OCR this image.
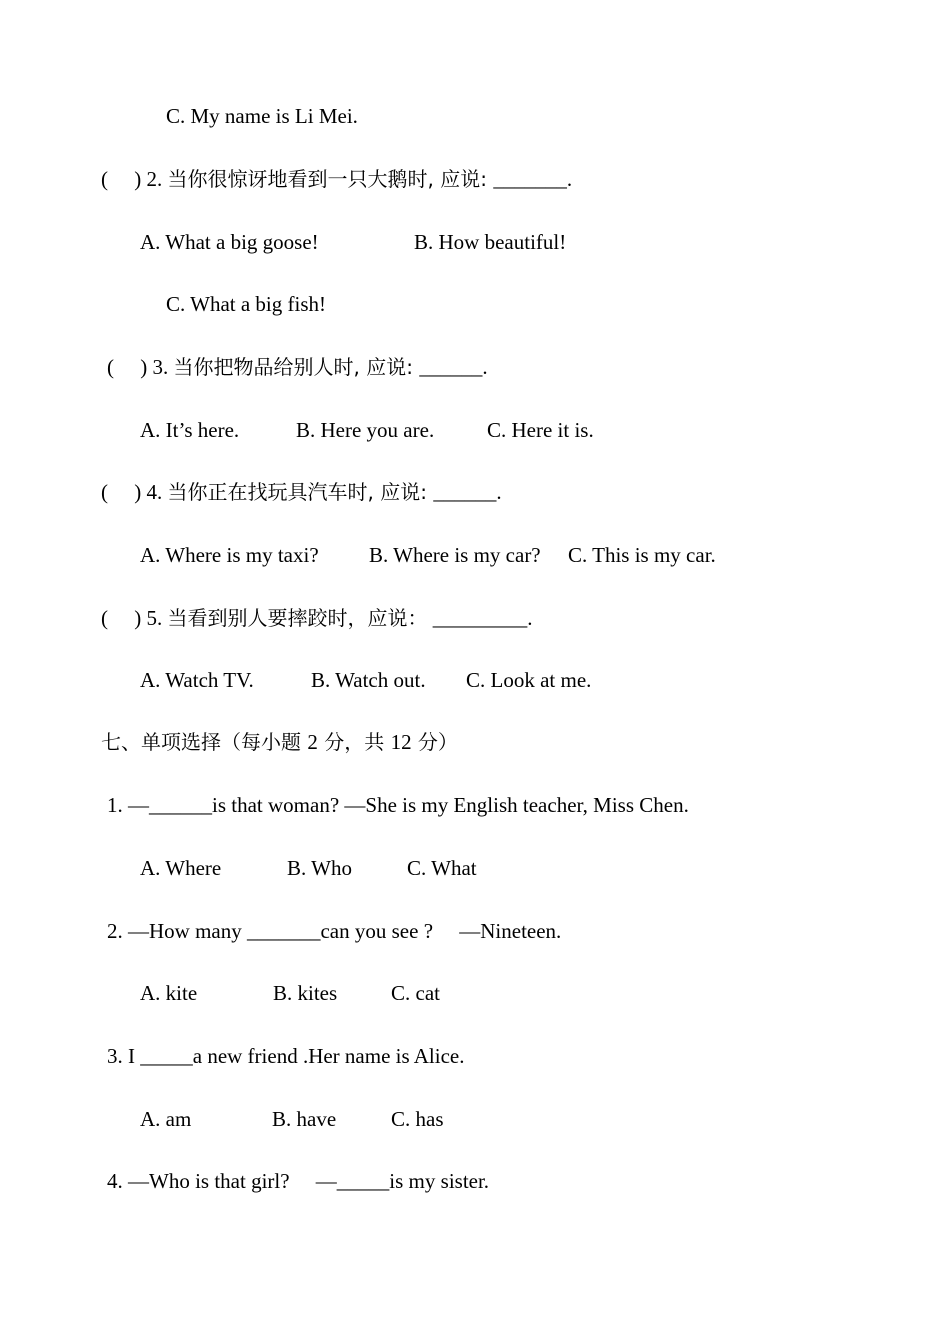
C. My name is Li Mei.
(     ) 2. 当你很惊讶地看到一只大鹅时, 应说: _______.
A. What a big goose!	B. How beautiful!
C. What a big fish!
(     ) 3. 当你把物品给别人时, 应说: ______.
A. It’s here.	B. Here you are.	C. Here it is.
(     ) 4. 当你正在找玩具汽车时, 应说: ______.
A. Where is my taxi? B. Where is my car? C. This is my car.
(     ) 5. 当看到别人要摔跤时，应说： _________.
A. Watch TV.	B. Watch out. C. Look at me.
七、单项选择（每小题 2 分，共 12 分）
1. —______is that woman? —She is my English teacher, Miss Chen.
A. Where	B. Who	C. What
2. —How many _______can you see ?     —Nineteen.
A. kite	B. kites	C. cat
3. I _____a new friend .Her name is Alice.
A. am	B. have	C. has
4. —Who is that girl?     —_____is my sister.
